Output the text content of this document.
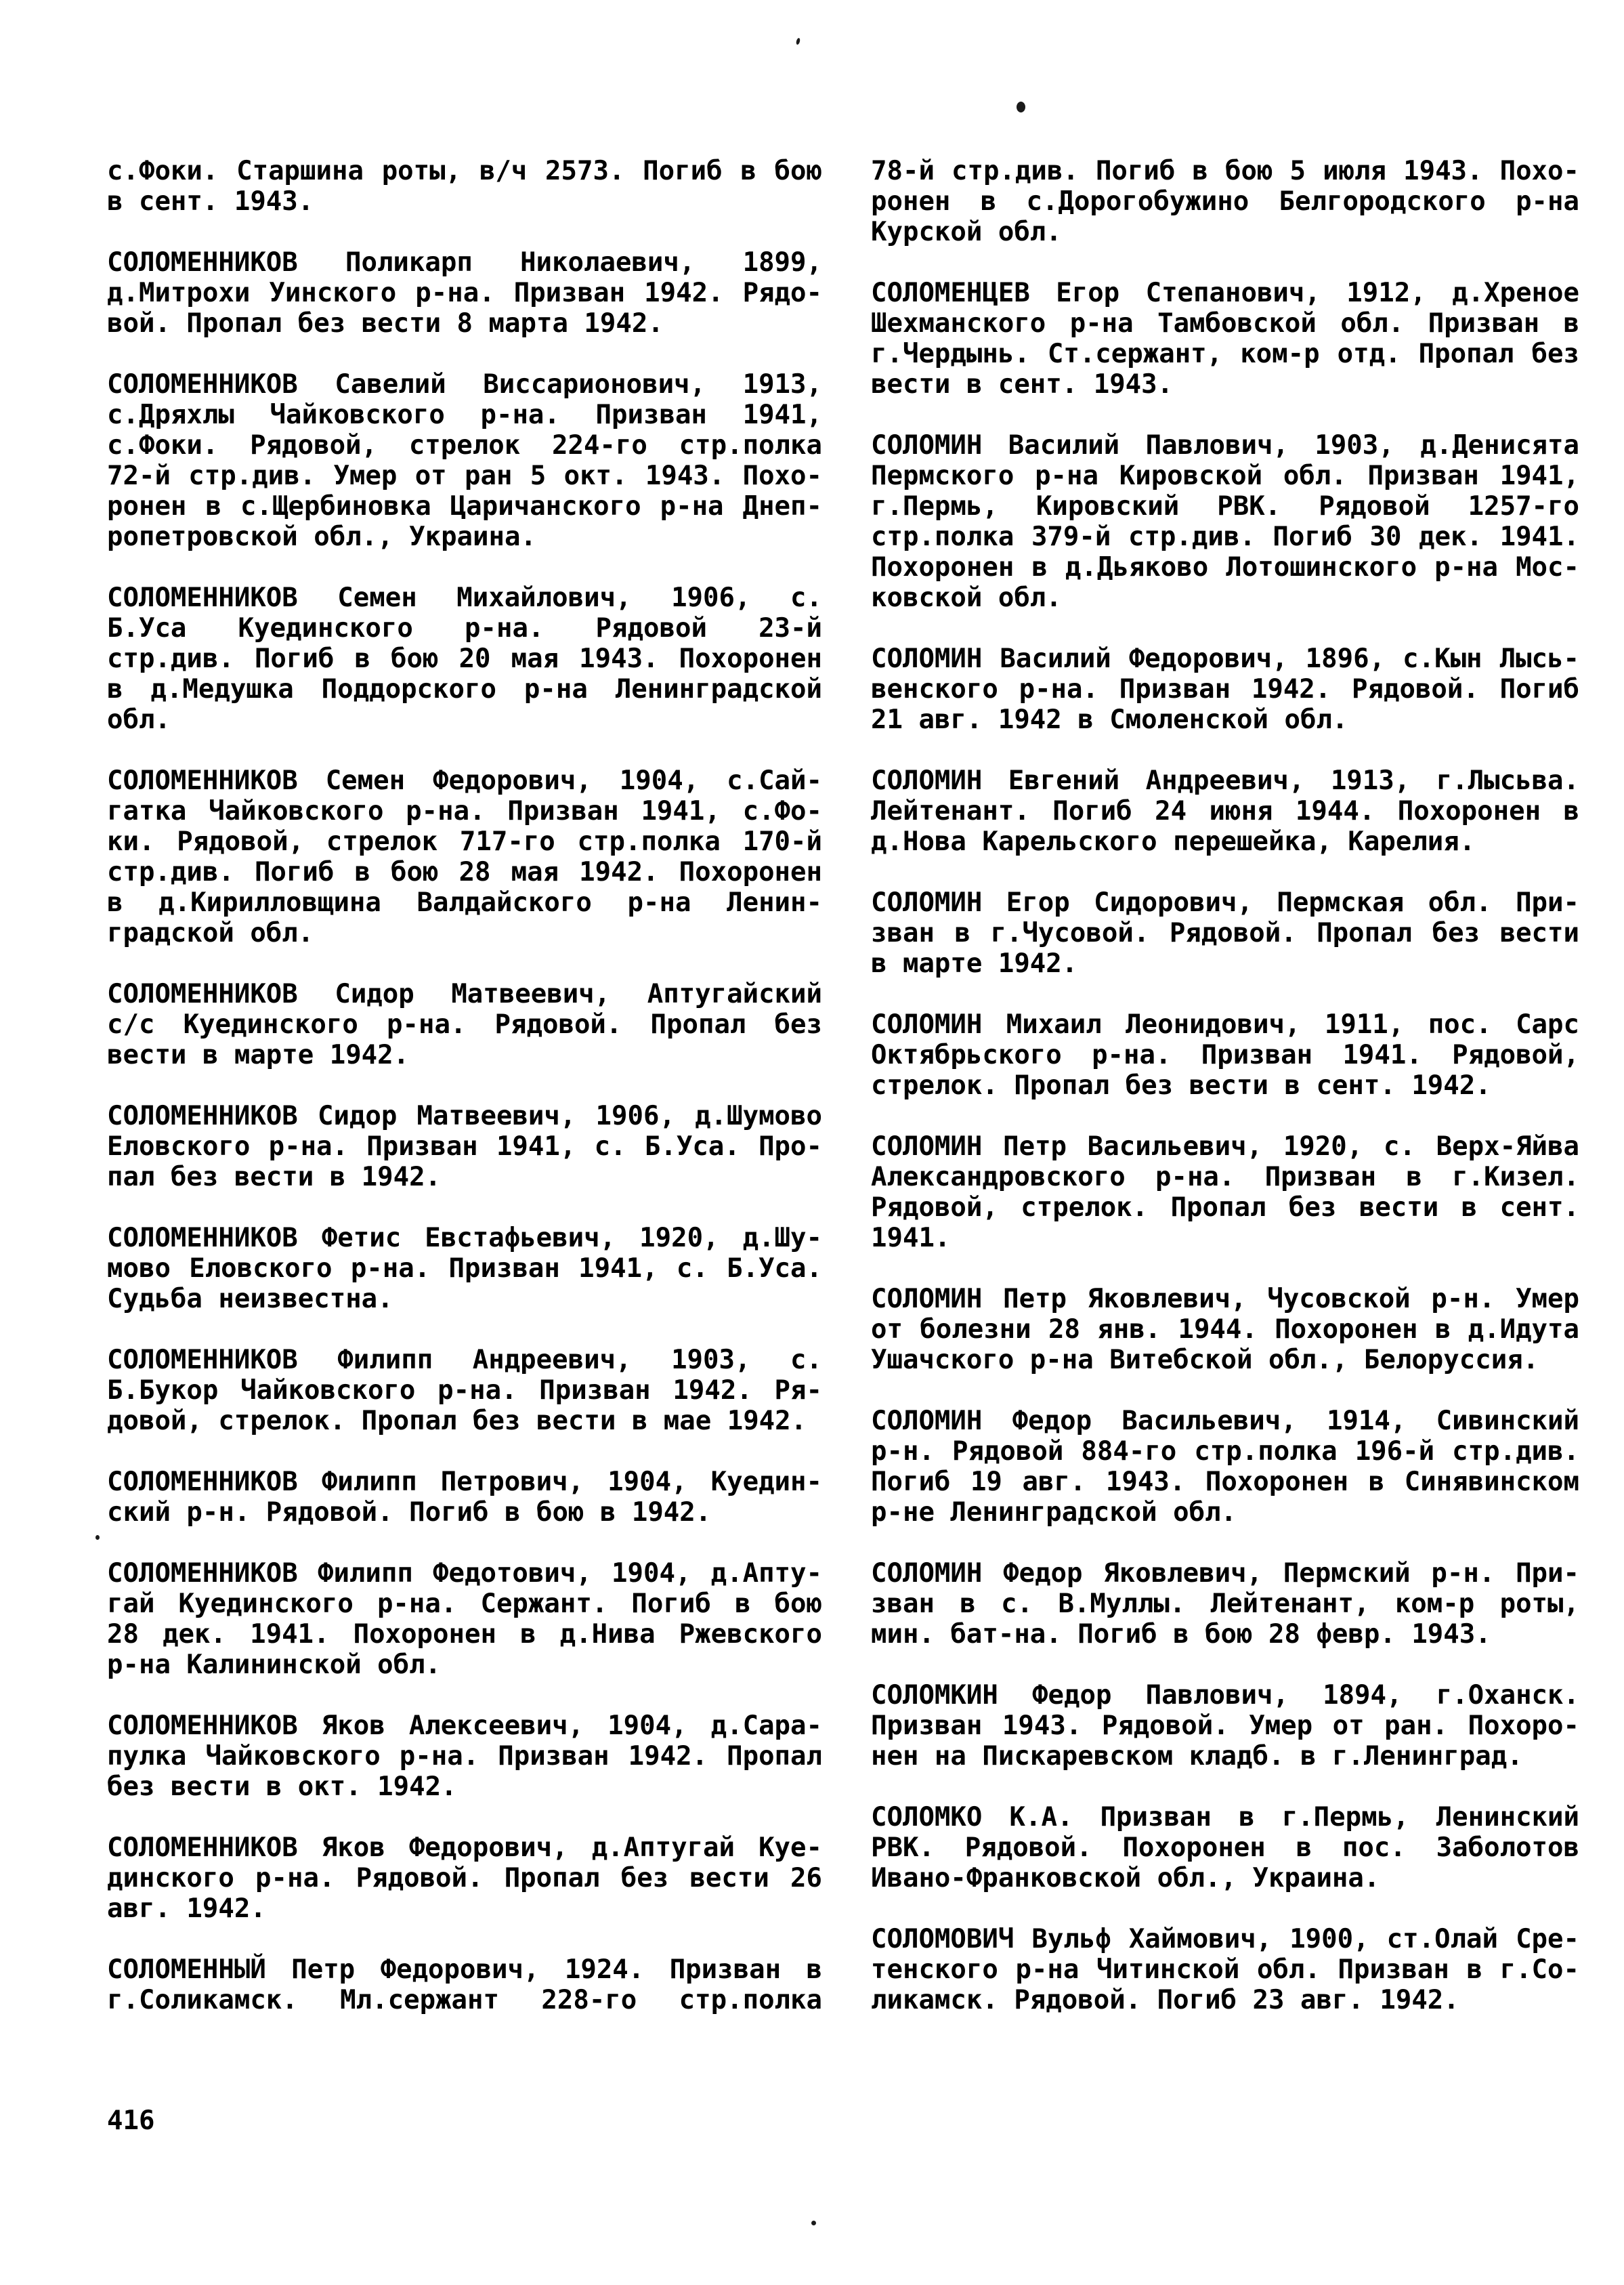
с.Фоки. Старшина роты, в/ч 2573. Погиб в бою
в сент. 1943.
СОЛОМЕННИКОВ Поликарп Николаевич, 1899,
д.Митрохи Уинского р-на. Призван 1942. Рядо-
вой. Пропал без вести 8 марта 1942.
СОЛОМЕННИКОВ Савелий Виссарионович, 1913,
с.Дряхлы Чайковского р-на. Призван 1941,
с.Фоки. Рядовой, стрелок 224-го стр.полка
72-й стр.див. Умер от ран 5 окт. 1943. Похо-
ронен в с.Щербиновка Царичанского р-на Днеп-
ропетровской обл., Украина.
СОЛОМЕННИКОВ Семен Михайлович, 1906, с.
Б.Уса Куединского р-на. Рядовой 23-й
стр.див. Погиб в бою 20 мая 1943. Похоронен
в д.Медушка Поддорского р-на Ленинградской
обл.
СОЛОМЕННИКОВ Семен Федорович, 1904, с.Сай-
гатка Чайковского р-на. Призван 1941, с.Фо-
ки. Рядовой, стрелок 717-го стр.полка 170-й
стр.див. Погиб в бою 28 мая 1942. Похоронен
в д.Кирилловщина Валдайского р-на Ленин-
градской обл.
СОЛОМЕННИКОВ Сидор Матвеевич, Аптугайский
с/с Куединского р-на. Рядовой. Пропал без
вести в марте 1942.
СОЛОМЕННИКОВ Сидор Матвеевич, 1906, д.Шумово
Еловского р-на. Призван 1941, с. Б.Уса. Про-
пал без вести в 1942.
СОЛОМЕННИКОВ Фетис Евстафьевич, 1920, д.Шу-
мово Еловского р-на. Призван 1941, с. Б.Уса.
Судьба неизвестна.
СОЛОМЕННИКОВ Филипп Андреевич, 1903, с.
Б.Букор Чайковского р-на. Призван 1942. Ря-
довой, стрелок. Пропал без вести в мае 1942.
СОЛОМЕННИКОВ Филипп Петрович, 1904, Куедин-
ский р-н. Рядовой. Погиб в бою в 1942.
СОЛОМЕННИКОВ Филипп Федотович, 1904, д.Апту-
гай Куединского р-на. Сержант. Погиб в бою
28 дек. 1941. Похоронен в д.Нива Ржевского
р-на Калининской обл.
СОЛОМЕННИКОВ Яков Алексеевич, 1904, д.Сара-
пулка Чайковского р-на. Призван 1942. Пропал
без вести в окт. 1942.
СОЛОМЕННИКОВ Яков Федорович, д.Аптугай Куе-
динского р-на. Рядовой. Пропал без вести 26
авг. 1942.
СОЛОМЕННЫЙ Петр Федорович, 1924. Призван в
г.Соликамск. Мл.сержант 228-го стр.полка
78-й стр.див. Погиб в бою 5 июля 1943. Похо-
ронен в с.Дорогобужино Белгородского р-на
Курской обл.
СОЛОМЕНЦЕВ Егор Степанович, 1912, д.Хреное
Шехманского р-на Тамбовской обл. Призван в
г.Чердынь. Ст.сержант, ком-р отд. Пропал без
вести в сент. 1943.
СОЛОМИН Василий Павлович, 1903, д.Денисята
Пермского р-на Кировской обл. Призван 1941,
г.Пермь, Кировский РВК. Рядовой 1257-го
стр.полка 379-й стр.див. Погиб 30 дек. 1941.
Похоронен в д.Дьяково Лотошинского р-на Мос-
ковской обл.
СОЛОМИН Василий Федорович, 1896, с.Кын Лысь-
венского р-на. Призван 1942. Рядовой. Погиб
21 авг. 1942 в Смоленской обл.
СОЛОМИН Евгений Андреевич, 1913, г.Лысьва.
Лейтенант. Погиб 24 июня 1944. Похоронен в
д.Нова Карельского перешейка, Карелия.
СОЛОМИН Егор Сидорович, Пермская обл. При-
зван в г.Чусовой. Рядовой. Пропал без вести
в марте 1942.
СОЛОМИН Михаил Леонидович, 1911, пос. Сарс
Октябрьского р-на. Призван 1941. Рядовой,
стрелок. Пропал без вести в сент. 1942.
СОЛОМИН Петр Васильевич, 1920, с. Верх-Яйва
Александровского р-на. Призван в г.Кизел.
Рядовой, стрелок. Пропал без вести в сент.
1941.
СОЛОМИН Петр Яковлевич, Чусовской р-н. Умер
от болезни 28 янв. 1944. Похоронен в д.Идута
Ушачского р-на Витебской обл., Белоруссия.
СОЛОМИН Федор Васильевич, 1914, Сивинский
р-н. Рядовой 884-го стр.полка 196-й стр.див.
Погиб 19 авг. 1943. Похоронен в Синявинском
р-не Ленинградской обл.
СОЛОМИН Федор Яковлевич, Пермский р-н. При-
зван в с. В.Муллы. Лейтенант, ком-р роты,
мин. бат-на. Погиб в бою 28 февр. 1943.
СОЛОМКИН Федор Павлович, 1894, г.Оханск.
Призван 1943. Рядовой. Умер от ран. Похоро-
нен на Пискаревском кладб. в г.Ленинград.
СОЛОМКО К.А. Призван в г.Пермь, Ленинский
РВК. Рядовой. Похоронен в пос. Заболотов
Ивано-Франковской обл., Украина.
СОЛОМОВИЧ Вульф Хаймович, 1900, ст.Олай Сре-
тенского р-на Читинской обл. Призван в г.Со-
ликамск. Рядовой. Погиб 23 авг. 1942.
416
